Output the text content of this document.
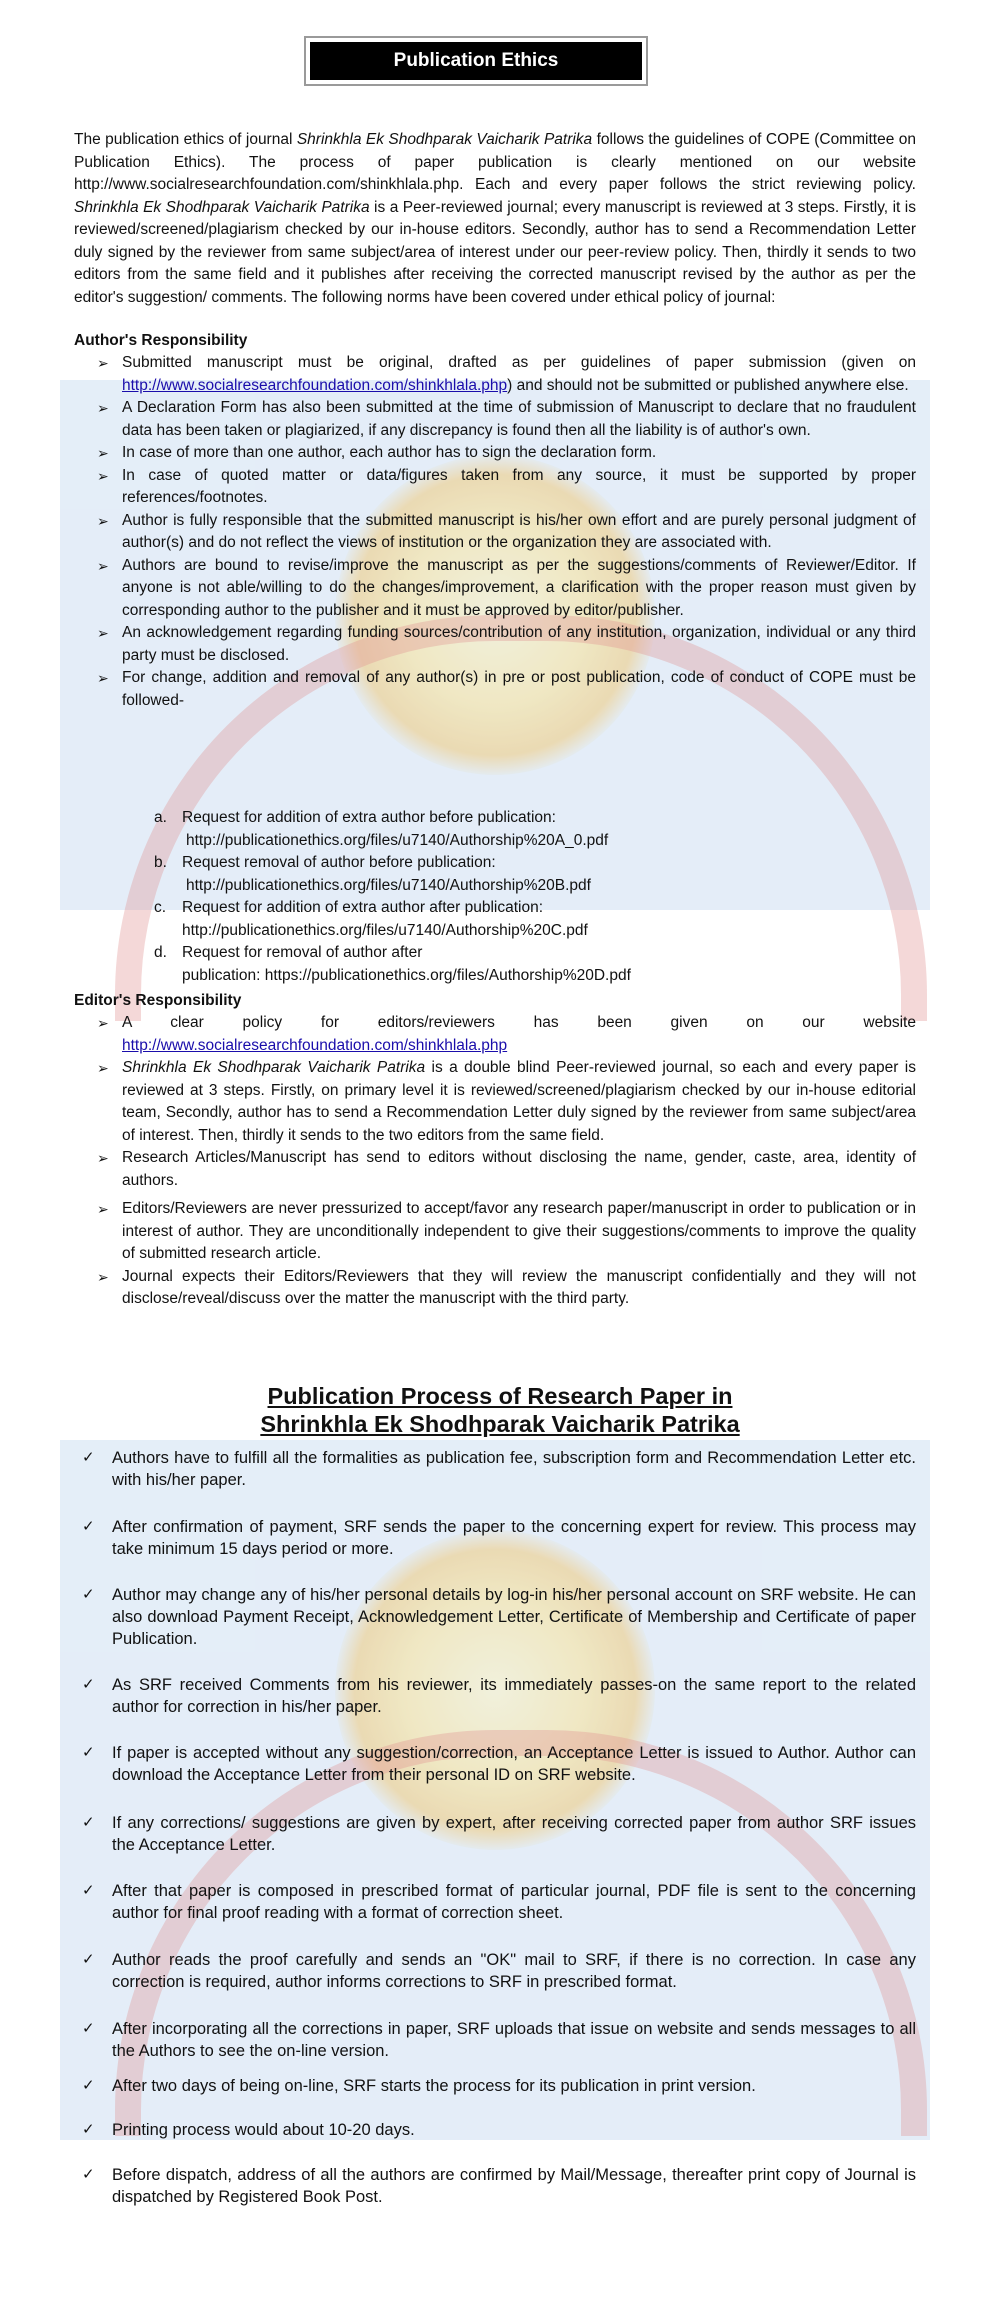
Publication Ethics
The publication ethics of journal Shrinkhla Ek Shodhparak Vaicharik Patrika follows the guidelines of COPE (Committee on Publication Ethics). The process of paper publication is clearly mentioned on our website http://www.socialresearchfoundation.com/shinkhlala.php. Each and every paper follows the strict reviewing policy. Shrinkhla Ek Shodhparak Vaicharik Patrika is a Peer-reviewed journal; every manuscript is reviewed at 3 steps. Firstly, it is reviewed/screened/plagiarism checked by our in-house editors. Secondly, author has to send a Recommendation Letter duly signed by the reviewer from same subject/area of interest under our peer-review policy. Then, thirdly it sends to two editors from the same field and it publishes after receiving the corrected manuscript revised by the author as per the editor's suggestion/ comments. The following norms have been covered under ethical policy of journal:
Author's Responsibility
➢ Submitted manuscript must be original, drafted as per guidelines of paper submission (given on http://www.socialresearchfoundation.com/shinkhlala.php) and should not be submitted or published anywhere else.
➢ A Declaration Form has also been submitted at the time of submission of Manuscript to declare that no fraudulent data has been taken or plagiarized, if any discrepancy is found then all the liability is of author's own.
➢ In case of more than one author, each author has to sign the declaration form.
➢ In case of quoted matter or data/figures taken from any source, it must be supported by proper references/footnotes.
➢ Author is fully responsible that the submitted manuscript is his/her own effort and are purely personal judgment of author(s) and do not reflect the views of institution or the organization they are associated with.
➢ Authors are bound to revise/improve the manuscript as per the suggestions/comments of Reviewer/Editor. If anyone is not able/willing to do the changes/improvement, a clarification with the proper reason must given by corresponding author to the publisher and it must be approved by editor/publisher.
➢ An acknowledgement regarding funding sources/contribution of any institution, organization, individual or any third party must be disclosed.
➢ For change, addition and removal of any author(s) in pre or post publication, code of conduct of COPE must be followed-
a. Request for addition of extra author before publication:
http://publicationethics.org/files/u7140/Authorship%20A_0.pdf
b. Request removal of author before publication:
http://publicationethics.org/files/u7140/Authorship%20B.pdf
c. Request for addition of extra author after publication:
http://publicationethics.org/files/u7140/Authorship%20C.pdf
d. Request for removal of author after
publication: https://publicationethics.org/files/Authorship%20D.pdf
Editor's Responsibility
➢ A clear policy for editors/reviewers has been given on our website
http://www.socialresearchfoundation.com/shinkhlala.php
➢ Shrinkhla Ek Shodhparak Vaicharik Patrika is a double blind Peer-reviewed journal, so each and every paper is reviewed at 3 steps. Firstly, on primary level it is reviewed/screened/plagiarism checked by our in-house editorial team, Secondly, author has to send a Recommendation Letter duly signed by the reviewer from same subject/area of interest. Then, thirdly it sends to the two editors from the same field.
➢ Research Articles/Manuscript has send to editors without disclosing the name, gender, caste, area, identity of authors.
➢ Editors/Reviewers are never pressurized to accept/favor any research paper/manuscript in order to publication or in interest of author. They are unconditionally independent to give their suggestions/comments to improve the quality of submitted research article.
➢ Journal expects their Editors/Reviewers that they will review the manuscript confidentially and they will not disclose/reveal/discuss over the matter the manuscript with the third party.
Publication Process of Research Paper in
Shrinkhla Ek Shodhparak Vaicharik Patrika
✓ Authors have to fulfill all the formalities as publication fee, subscription form and Recommendation Letter etc. with his/her paper.
✓ After confirmation of payment, SRF sends the paper to the concerning expert for review. This process may take minimum 15 days period or more.
✓ Author may change any of his/her personal details by log-in his/her personal account on SRF website. He can also download Payment Receipt, Acknowledgement Letter, Certificate of Membership and Certificate of paper Publication.
✓ As SRF received Comments from his reviewer, its immediately passes-on the same report to the related author for correction in his/her paper.
✓ If paper is accepted without any suggestion/correction, an Acceptance Letter is issued to Author. Author can download the Acceptance Letter from their personal ID on SRF website.
✓ If any corrections/ suggestions are given by expert, after receiving corrected paper from author SRF issues the Acceptance Letter.
✓ After that paper is composed in prescribed format of particular journal, PDF file is sent to the concerning author for final proof reading with a format of correction sheet.
✓ Author reads the proof carefully and sends an "OK" mail to SRF, if there is no correction. In case any correction is required, author informs corrections to SRF in prescribed format.
✓ After incorporating all the corrections in paper, SRF uploads that issue on website and sends messages to all the Authors to see the on-line version.
✓ After two days of being on-line, SRF starts the process for its publication in print version.
✓ Printing process would about 10-20 days.
✓ Before dispatch, address of all the authors are confirmed by Mail/Message, thereafter print copy of Journal is dispatched by Registered Book Post.
